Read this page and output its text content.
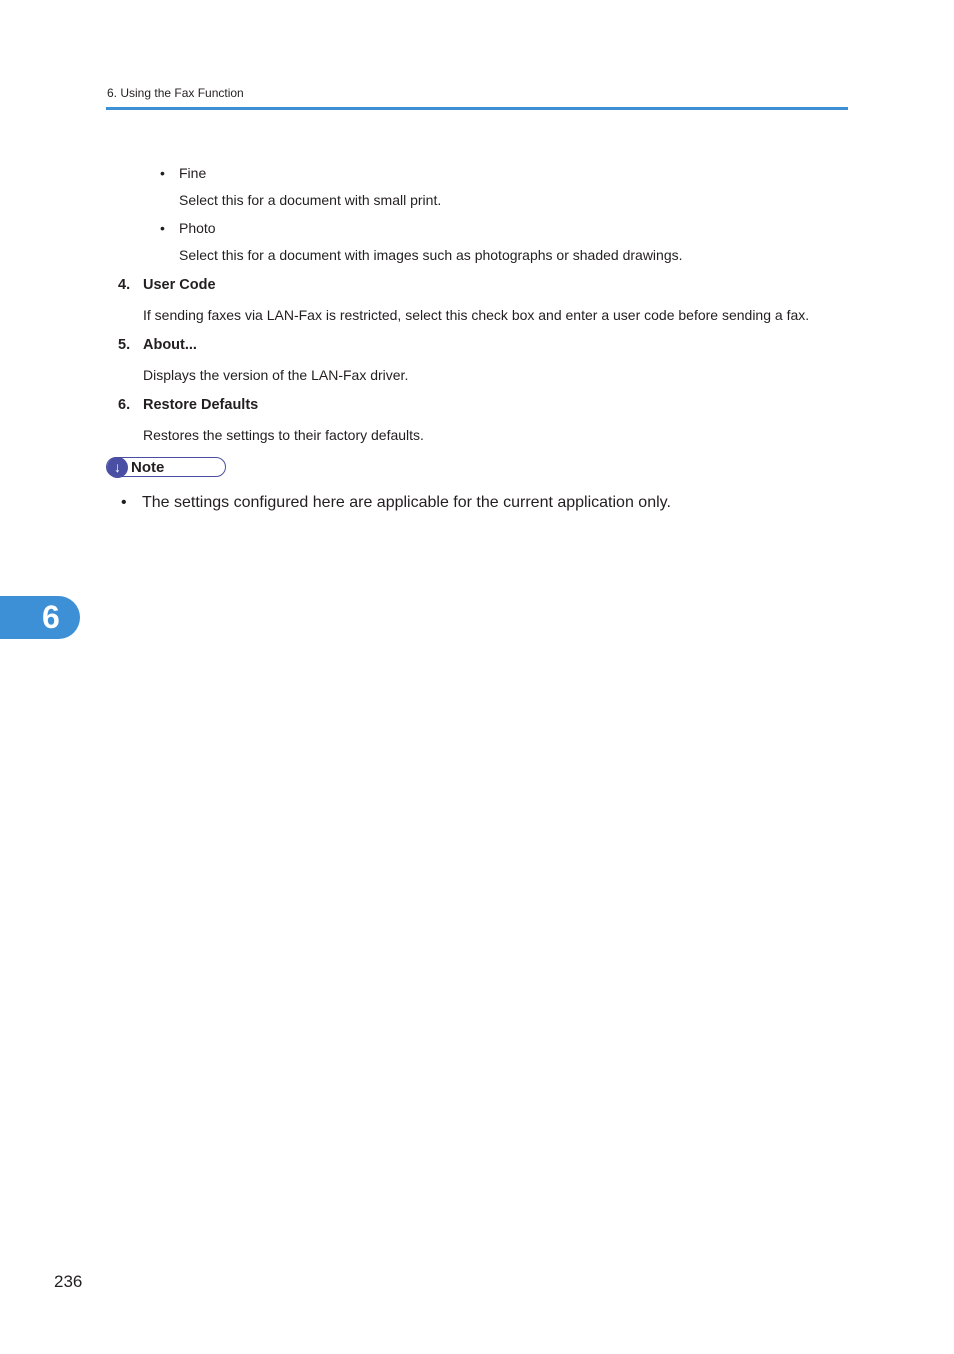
6. Using the Fax Function
• Fine
Select this for a document with small print.
• Photo
Select this for a document with images such as photographs or shaded drawings.
4. User Code
If sending faxes via LAN-Fax is restricted, select this check box and enter a user code before sending a fax.
5. About...
Displays the version of the LAN-Fax driver.
6. Restore Defaults
Restores the settings to their factory defaults.
↓ Note
• The settings configured here are applicable for the current application only.
6
236
